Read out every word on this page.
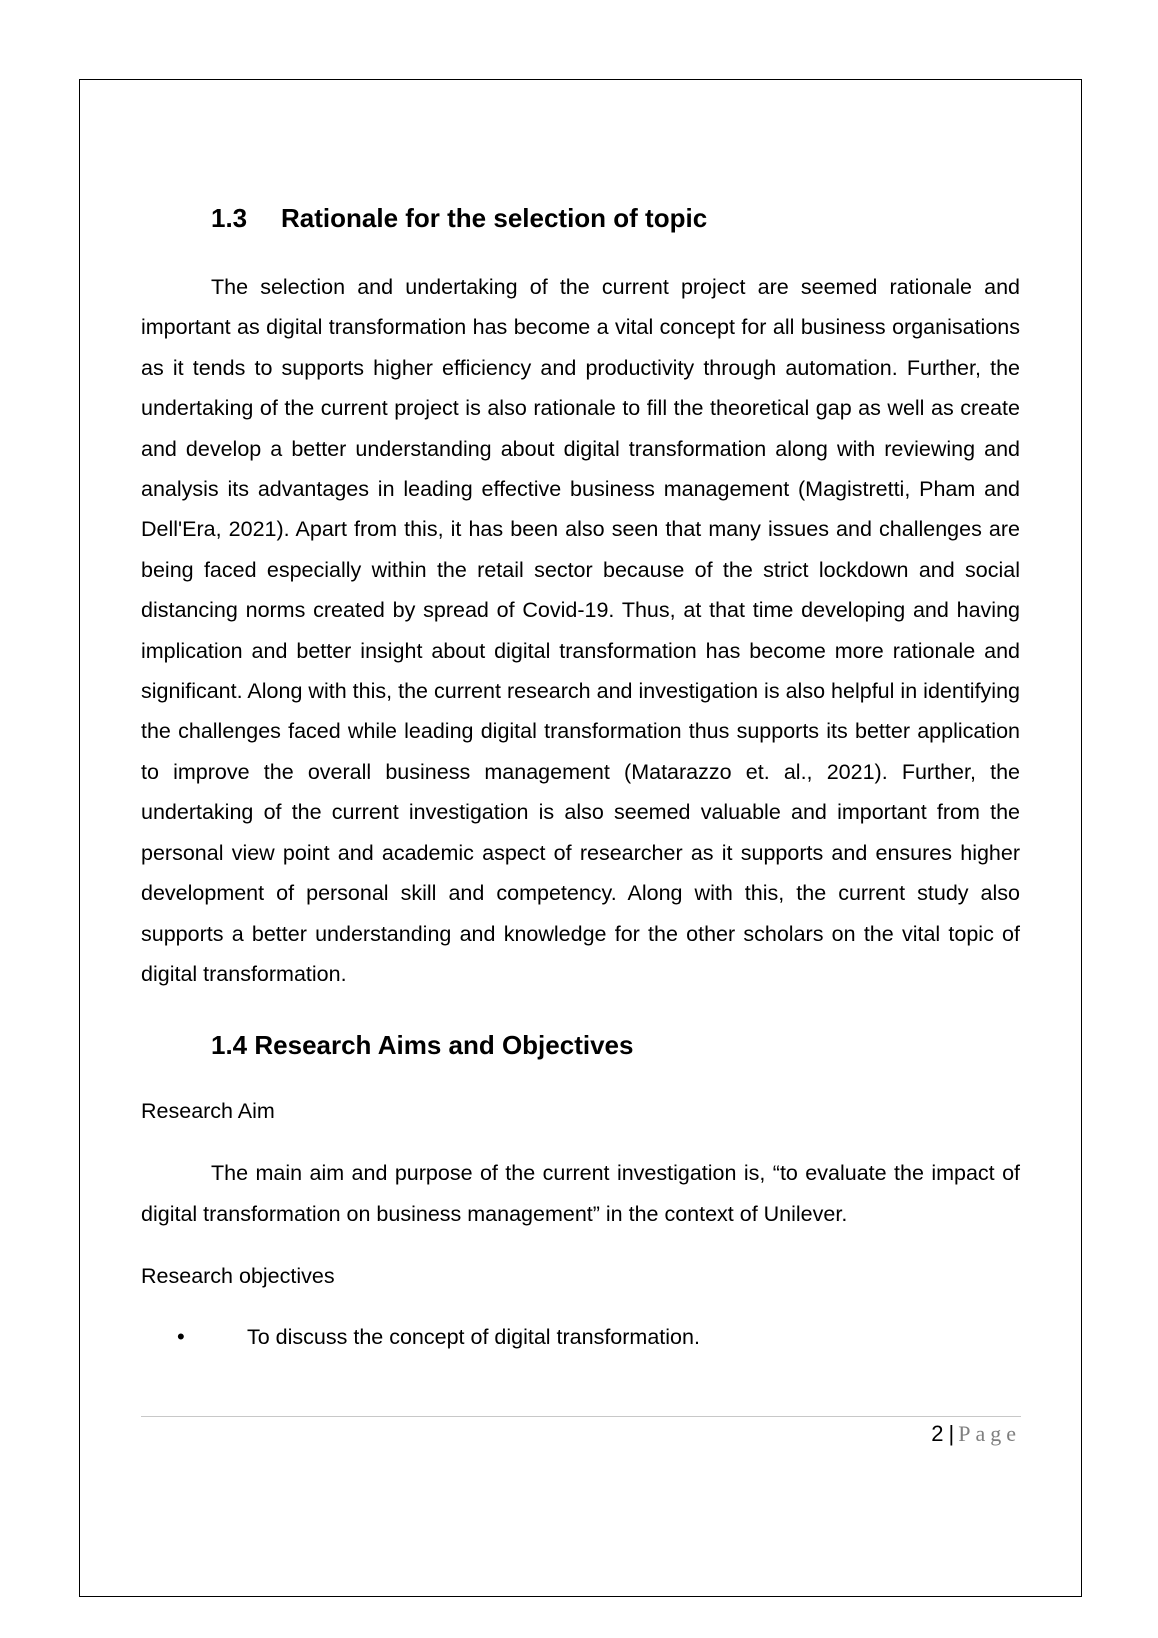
1.3 Rationale for the selection of topic

The selection and undertaking of the current project are seemed rationale and important as digital transformation has become a vital concept for all business organisations as it tends to supports higher efficiency and productivity through automation. Further, the undertaking of the current project is also rationale to fill the theoretical gap as well as create and develop a better understanding about digital transformation along with reviewing and analysis its advantages in leading effective business management (Magistretti, Pham and Dell'Era, 2021). Apart from this, it has been also seen that many issues and challenges are being faced especially within the retail sector because of the strict lockdown and social distancing norms created by spread of Covid-19. Thus, at that time developing and having implication and better insight about digital transformation has become more rationale and significant. Along with this, the current research and investigation is also helpful in identifying the challenges faced while leading digital transformation thus supports its better application to improve the overall business management (Matarazzo et. al., 2021). Further, the undertaking of the current investigation is also seemed valuable and important from the personal view point and academic aspect of researcher as it supports and ensures higher development of personal skill and competency. Along with this, the current study also supports a better understanding and knowledge for the other scholars on the vital topic of digital transformation.

1.4 Research Aims and Objectives

Research Aim

The main aim and purpose of the current investigation is, “to evaluate the impact of digital transformation on business management” in the context of Unilever.

Research objectives

•	To discuss the concept of digital transformation.
2 | Page
